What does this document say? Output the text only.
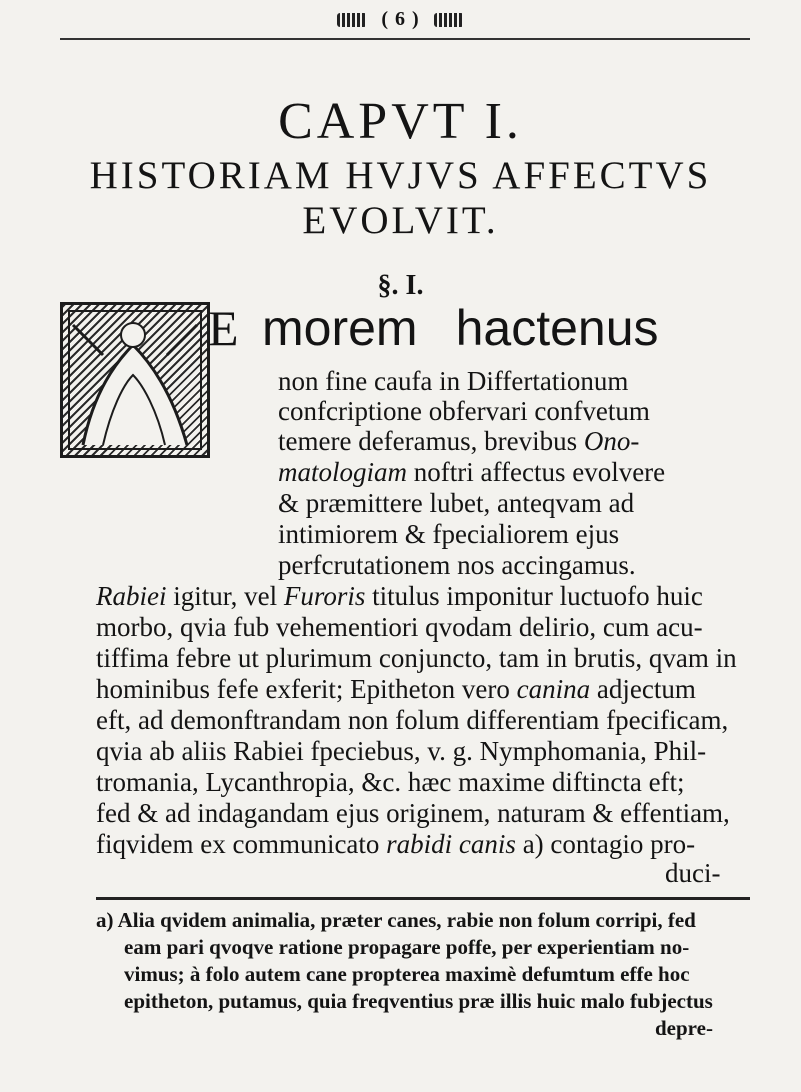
( 6 )
CAPVT I.
HISTORIAM HVJVS AFFECTVS
EVOLVIT.
§. I.
E morem hactenus
non fine caufa in Differtationum
confcriptione obfervari confvetum
temere deferamus, brevibus Ono-
matologiam noftri affectus evolvere
& præmittere lubet, anteqvam ad
intimiorem & fpecialiorem ejus
perfcrutationem nos accingamus.
Rabiei igitur, vel Furoris titulus imponitur luctuofo huic
morbo, qvia fub vehementiori qvodam delirio, cum acu-
tiffima febre ut plurimum conjuncto, tam in brutis, qvam in
hominibus fefe exferit; Epitheton vero canina adjectum
eft, ad demonftrandam non folum differentiam fpecificam,
qvia ab aliis Rabiei fpeciebus, v. g. Nymphomania, Phil-
tromania, Lycanthropia, &c. hæc maxime diftincta eft;
fed & ad indagandam ejus originem, naturam & effentiam,
fiqvidem ex communicato rabidi canis a) contagio pro-
duci-
a) Alia qvidem animalia, præter canes, rabie non folum corripi, fed
eam pari qvoqve ratione propagare poffe, per experientiam no-
vimus; à folo autem cane propterea maximè defumtum effe hoc
epitheton, putamus, quia freqventius præ illis huic malo fubjectus
depre-
